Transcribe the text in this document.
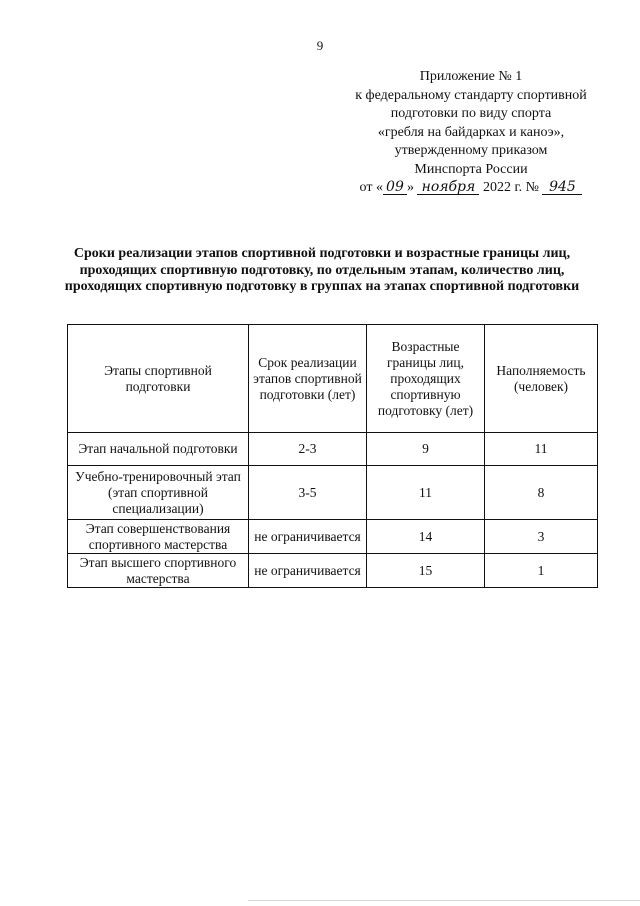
9
Приложение № 1
к федеральному стандарту спортивной
подготовки по виду спорта
«гребля на байдарках и каноэ»,
утвержденному приказом
Минспорта России
от « 09 » ноября 2022 г. № 945
Сроки реализации этапов спортивной подготовки и возрастные границы лиц, проходящих спортивную подготовку, по отдельным этапам, количество лиц, проходящих спортивную подготовку в группах на этапах спортивной подготовки
Этапы спортивной подготовки	Срок реализации этапов спортивной подготовки (лет)	Возрастные границы лиц, проходящих спортивную подготовку (лет)	Наполняемость (человек)
Этап начальной подготовки	2-3	9	11
Учебно-тренировочный этап (этап спортивной специализации)	3-5	11	8
Этап совершенствования спортивного мастерства	не ограничивается	14	3
Этап высшего спортивного мастерства	не ограничивается	15	1
